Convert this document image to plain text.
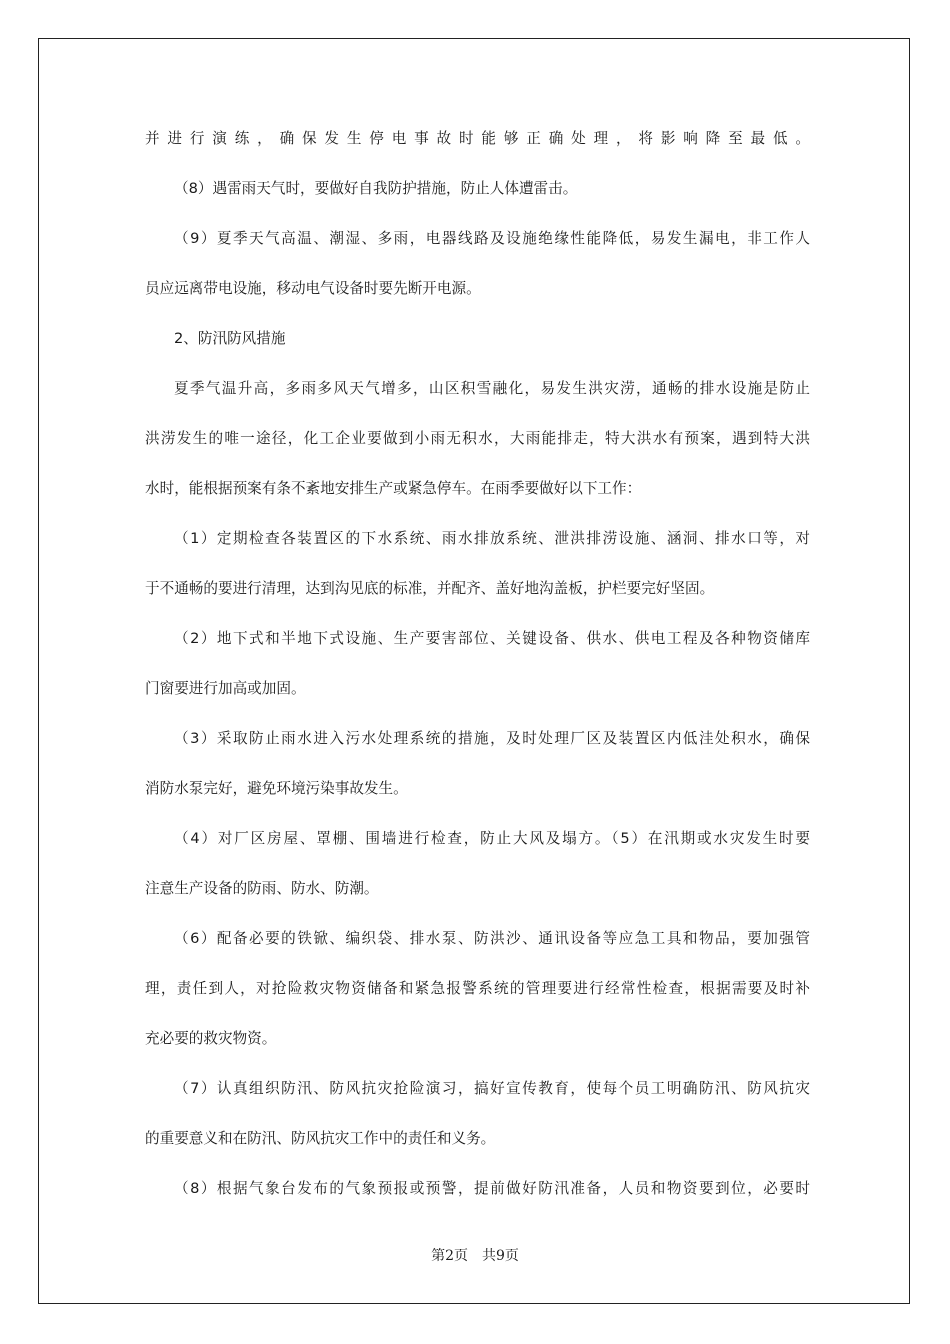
并进行演练，确保发生停电事故时能够正确处理，将影响降至最低。
（8）遇雷雨天气时，要做好自我防护措施，防止人体遭雷击。
（9）夏季天气高温、潮湿、多雨，电器线路及设施绝缘性能降低，易发生漏电，非工作人
员应远离带电设施，移动电气设备时要先断开电源。
2、防汛防风措施
夏季气温升高，多雨多风天气增多，山区积雪融化，易发生洪灾涝，通畅的排水设施是防止
洪涝发生的唯一途径，化工企业要做到小雨无积水，大雨能排走，特大洪水有预案，遇到特大洪
水时，能根据预案有条不紊地安排生产或紧急停车。在雨季要做好以下工作：
（1）定期检查各装置区的下水系统、雨水排放系统、泄洪排涝设施、涵洞、排水口等，对
于不通畅的要进行清理，达到沟见底的标准，并配齐、盖好地沟盖板，护栏要完好坚固。
（2）地下式和半地下式设施、生产要害部位、关键设备、供水、供电工程及各种物资储库
门窗要进行加高或加固。
（3）采取防止雨水进入污水处理系统的措施，及时处理厂区及装置区内低洼处积水，确保
消防水泵完好，避免环境污染事故发生。
（4）对厂区房屋、罩棚、围墙进行检查，防止大风及塌方。（5）在汛期或水灾发生时要
注意生产设备的防雨、防水、防潮。
（6）配备必要的铁锨、编织袋、排水泵、防洪沙、通讯设备等应急工具和物品，要加强管
理，责任到人，对抢险救灾物资储备和紧急报警系统的管理要进行经常性检查，根据需要及时补
充必要的救灾物资。
（7）认真组织防汛、防风抗灾抢险演习，搞好宣传教育，使每个员工明确防汛、防风抗灾
的重要意义和在防汛、防风抗灾工作中的责任和义务。
（8）根据气象台发布的气象预报或预警，提前做好防汛准备，人员和物资要到位，必要时
第2页 共9页
